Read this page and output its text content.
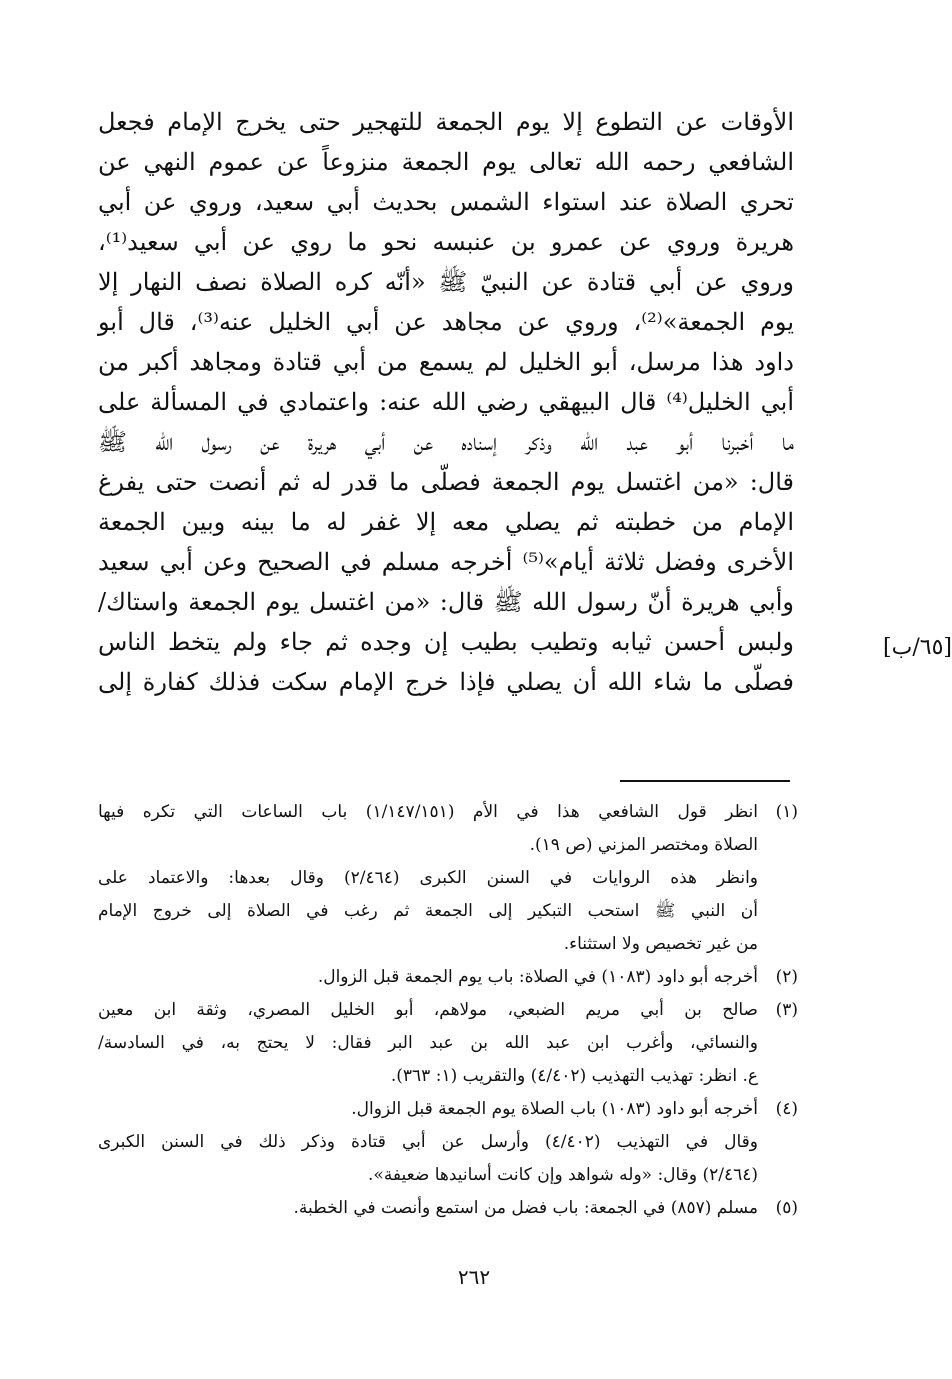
الأوقات عن التطوع إلا يوم الجمعة للتهجير حتى يخرج الإمام فجعل
الشافعي رحمه الله تعالى يوم الجمعة منزوعاً عن عموم النهي عن
تحري الصلاة عند استواء الشمس بحديث أبي سعيد، وروي عن أبي
هريرة وروي عن عمرو بن عنبسه نحو ما روي عن أبي سعيد⁽¹⁾،
وروي عن أبي قتادة عن النبيّ ﷺ «أنّه كره الصلاة نصف النهار إلا
يوم الجمعة»⁽²⁾، وروي عن مجاهد عن أبي الخليل عنه⁽³⁾، قال أبو
داود هذا مرسل، أبو الخليل لم يسمع من أبي قتادة ومجاهد أكبر من
أبي الخليل⁽⁴⁾ قال البيهقي رضي الله عنه: واعتمادي في المسألة على
ما أخبرنا أبو عبد الله وذكر إسناده عن أبي هريرة عن رسول الله ﷺ
قال: «من اغتسل يوم الجمعة فصلّى ما قدر له ثم أنصت حتى يفرغ
الإمام من خطبته ثم يصلي معه إلا غفر له ما بينه وبين الجمعة
الأخرى وفضل ثلاثة أيام»⁽⁵⁾ أخرجه مسلم في الصحيح وعن أبي سعيد
وأبي هريرة أنّ رسول الله ﷺ قال: «من اغتسل يوم الجمعة واستاك/
ولبس أحسن ثيابه وتطيب بطيب إن وجده ثم جاء ولم يتخط الناس
فصلّى ما شاء الله أن يصلي فإذا خرج الإمام سكت فذلك كفارة إلى
[٦٥/ب]
(١)
انظر قول الشافعي هذا في الأم (١/١٤٧/١٥١) باب الساعات التي تكره فيها
الصلاة ومختصر المزني (ص ١٩).
وانظر هذه الروايات في السنن الكبرى (٢/٤٦٤) وقال بعدها: والاعتماد على
أن النبي ﷺ استحب التبكير إلى الجمعة ثم رغب في الصلاة إلى خروج الإمام
من غير تخصيص ولا استثناء.
(٢)
أخرجه أبو داود (١٠٨٣) في الصلاة: باب يوم الجمعة قبل الزوال.
(٣)
صالح بن أبي مريم الضبعي، مولاهم، أبو الخليل المصري، وثقة ابن معين
والنسائي، وأغرب ابن عبد الله بن عبد البر فقال: لا يحتج به، في السادسة/
ع. انظر: تهذيب التهذيب (٤/٤٠٢) والتقريب (١: ٣٦٣).
(٤)
أخرجه أبو داود (١٠٨٣) باب الصلاة يوم الجمعة قبل الزوال.
وقال في التهذيب (٤/٤٠٢) وأرسل عن أبي قتادة وذكر ذلك في السنن الكبرى
(٢/٤٦٤) وقال: «وله شواهد وإن كانت أسانيدها ضعيفة».
(٥)
مسلم (٨٥٧) في الجمعة: باب فضل من استمع وأنصت في الخطبة.
٢٦٢
